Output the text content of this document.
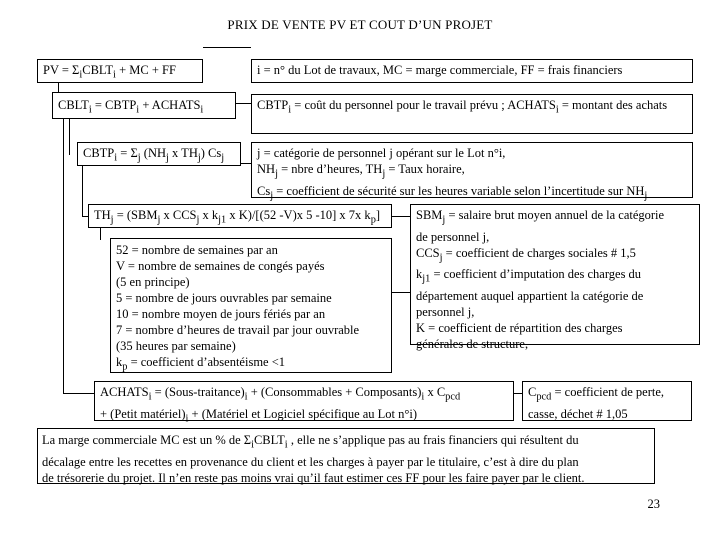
PRIX DE VENTE PV ET COUT D’UN PROJET
PV = $\Sigma_iCBLT_i$ + MC + FF	i = n° du Lot de travaux, MC = marge commerciale, FF = frais financiers
$CBLT_i$ = $CBTP_i$ + $ACHATS_i$	$CBTP_i$ = coût du personnel pour le travail prévu ; $ACHATS_i = montant$ des achats
$CBTP_i = \Sigma_j$ ($NH_j$ x $TH_j$) $Cs_j$	j = catégorie de personnel j opérant sur le Lot n°i,
$NH_j$ = nbre d’heures, $TH_j$ = Taux horaire,
$Cs_j$ = coefficient de sécurité sur les heures variable selon l’incertitude sur $NH_j$
$TH_j = (SBM_j$ x $CCS_j$ x $k_{j1}$ x K)/[(52 -V)x 5 -10] x 7x $k_p$]	$SBM_j$ = salaire brut moyen annuel de la catégorie
de personnel j,
$CCS_j$ = coefficient de charges sociales # 1,5
$k_{j1}$ = coefficient d’imputation des charges du
département auquel appartient la catégorie de
personnel j,
K = coefficient de répartition des charges
générales de structure,
52 = nombre de semaines par an
V = nombre de semaines de congés payés
(5 en principe)
5 = nombre de jours ouvrables par semaine
10 = nombre moyen de jours fériés par an
7 = nombre d’heures de travail par jour ouvrable
(35 heures par semaine)
$k_p$ = coefficient d’absentéisme <1
$ACHATS_i$ = $(Sous-traitance)_i$ + (Consommables + $Composants)_i$ x $C_{pcd}$
+ (Petit $matériel)_i$ + (Matériel et Logiciel spécifique au Lot n°i)
$C_{pcd}$ = coefficient de perte,
casse, déchet # 1,05
La marge commerciale MC est un % de $\Sigma_iCBLT_i$ , elle ne s’applique pas au frais financiers qui résultent du
décalage entre les recettes en provenance du client et les charges à payer par le titulaire, c’est à dire du plan
de trésorerie du projet. Il n’en reste pas moins vrai qu’il faut estimer ces FF pour les faire payer par le client.
23
